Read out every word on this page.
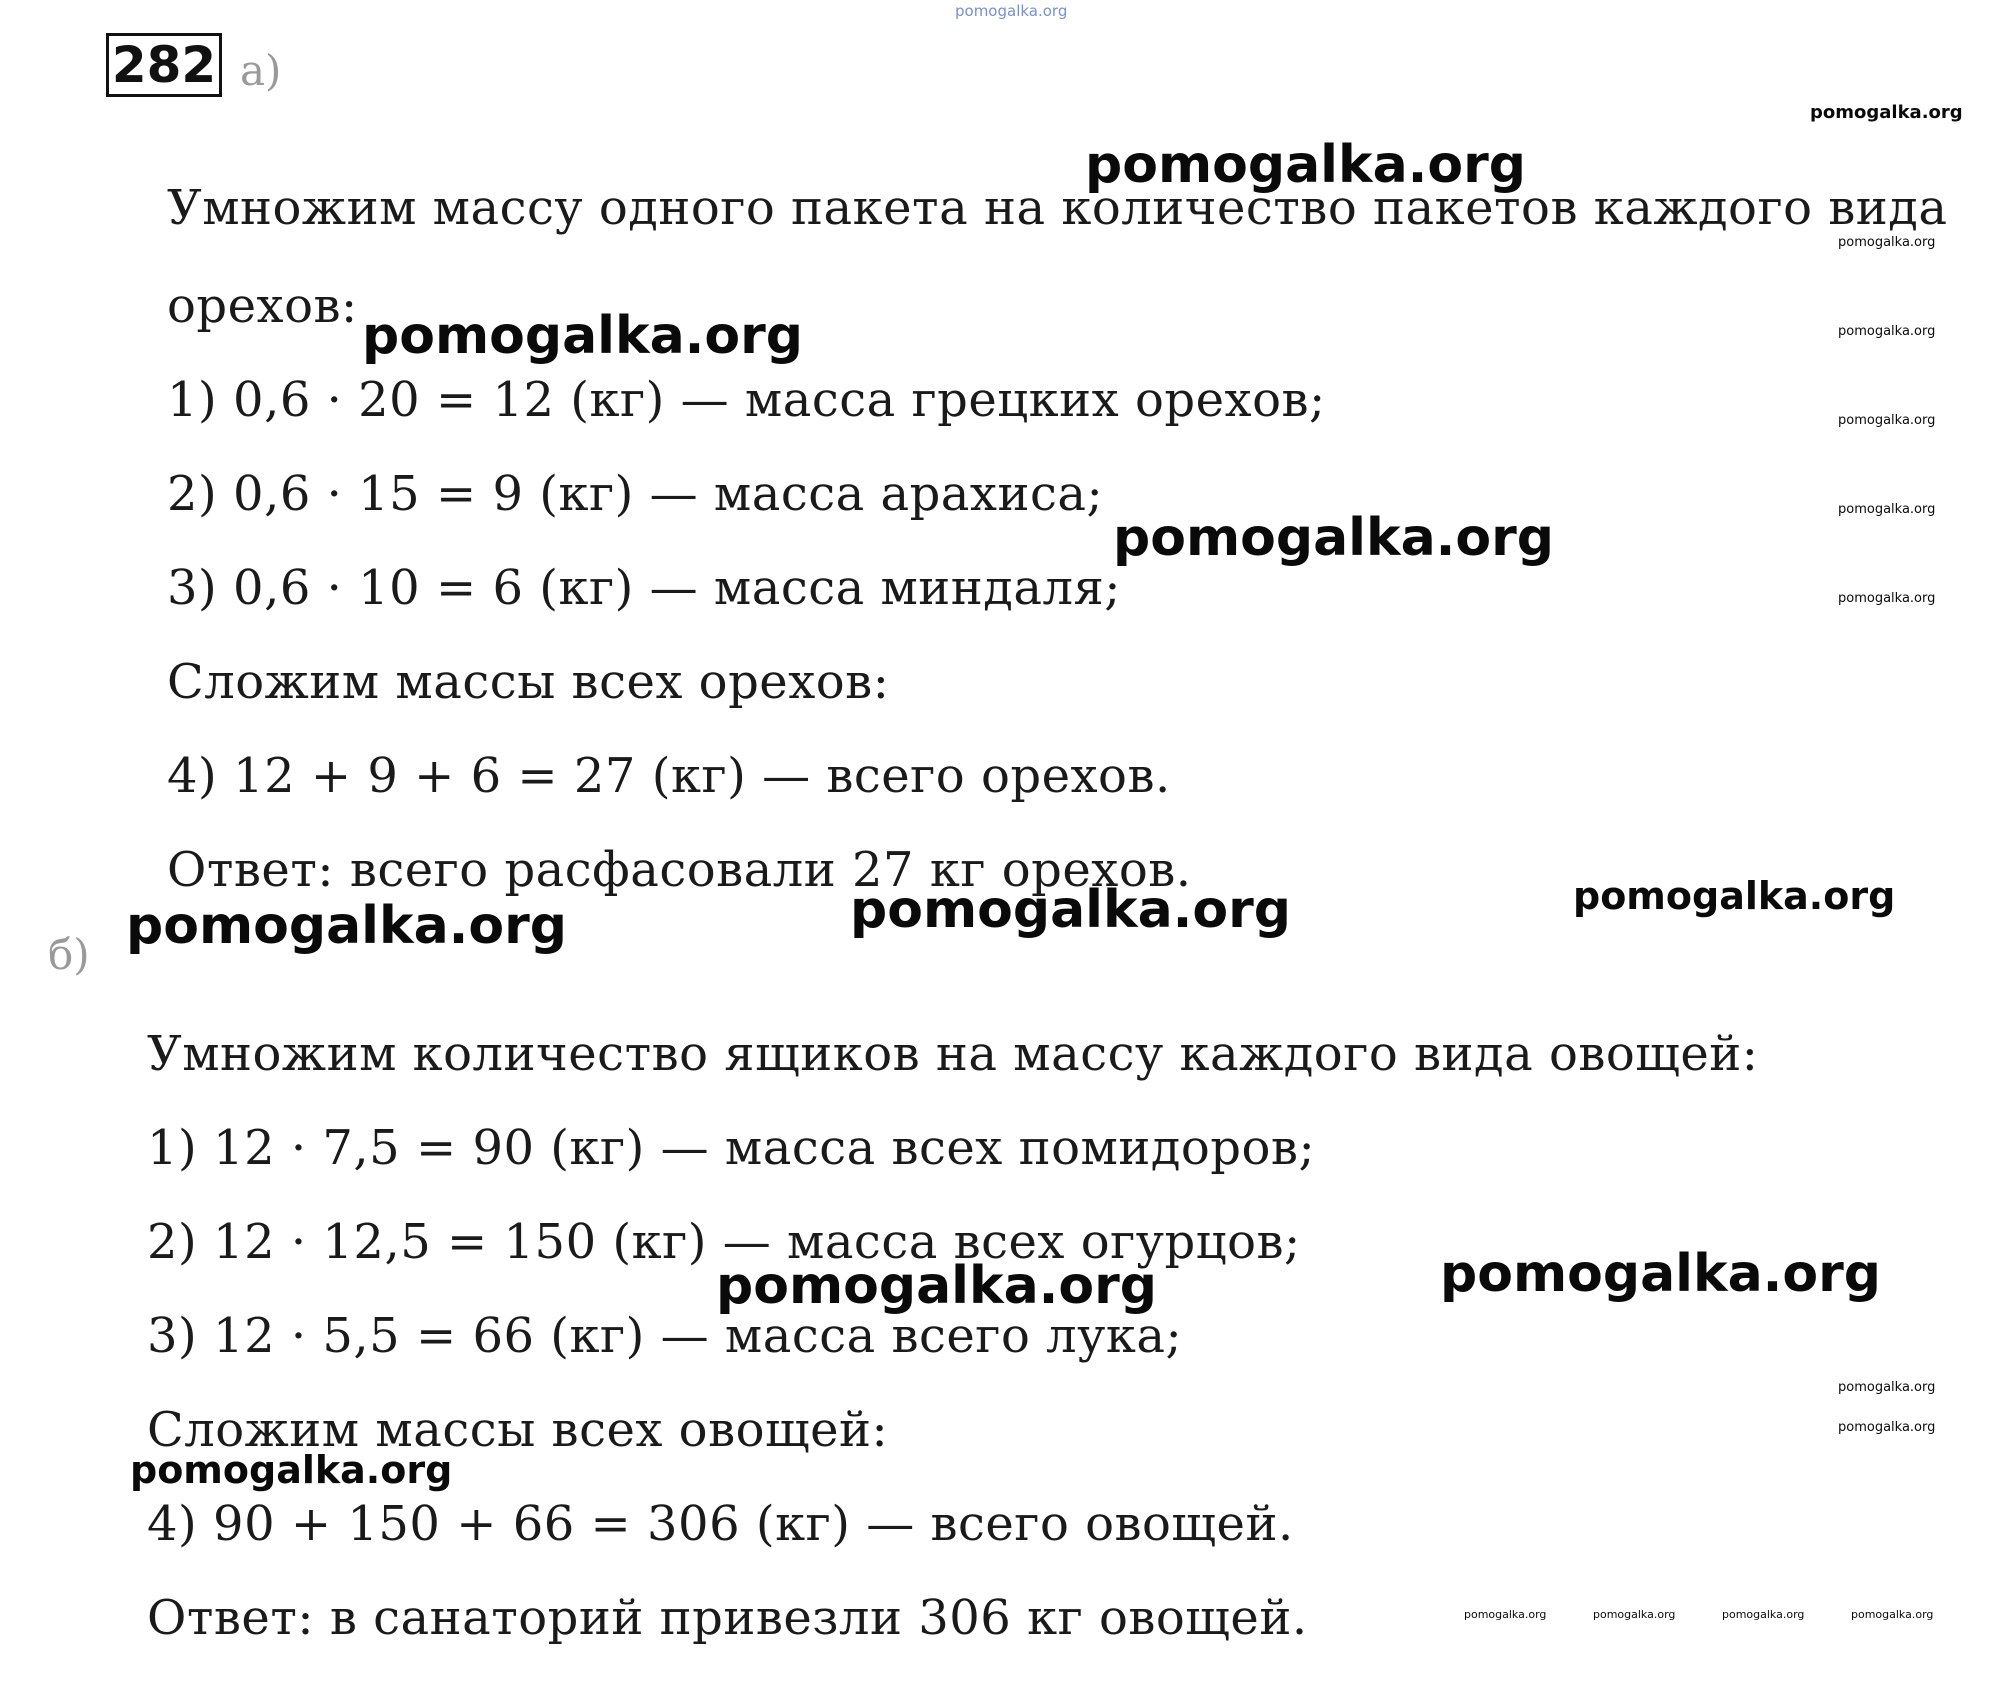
pomogalka.org
282 а)
Умножим массу одного пакета на количество пакетов каждого вида
орехов:
1) 0,6 · 20 = 12 (кг) — масса грецких орехов;
2) 0,6 · 15 = 9 (кг) — масса арахиса;
3) 0,6 · 10 = 6 (кг) — масса миндаля;
Сложим массы всех орехов:
4) 12 + 9 + 6 = 27 (кг) — всего орехов.
Ответ: всего расфасовали 27 кг орехов.
б)
Умножим количество ящиков на массу каждого вида овощей:
1) 12 · 7,5 = 90 (кг) — масса всех помидоров;
2) 12 · 12,5 = 150 (кг) — масса всех огурцов;
3) 12 · 5,5 = 66 (кг) — масса всего лука;
Сложим массы всех овощей:
4) 90 + 150 + 66 = 306 (кг) — всего овощей.
Ответ: в санаторий привезли 306 кг овощей.
pomogalka.org
pomogalka.org
pomogalka.org
pomogalka.org	pomogalka.org
pomogalka.org
pomogalka.org
pomogalka.org
pomogalka.org
pomogalka.org
pomogalka.org
pomogalka.org
pomogalka.org
pomogalka.org
pomogalka.org
pomogalka.org	pomogalka.org	pomogalka.org	pomogalka.org
pomogalka.org
pomogalka.org
